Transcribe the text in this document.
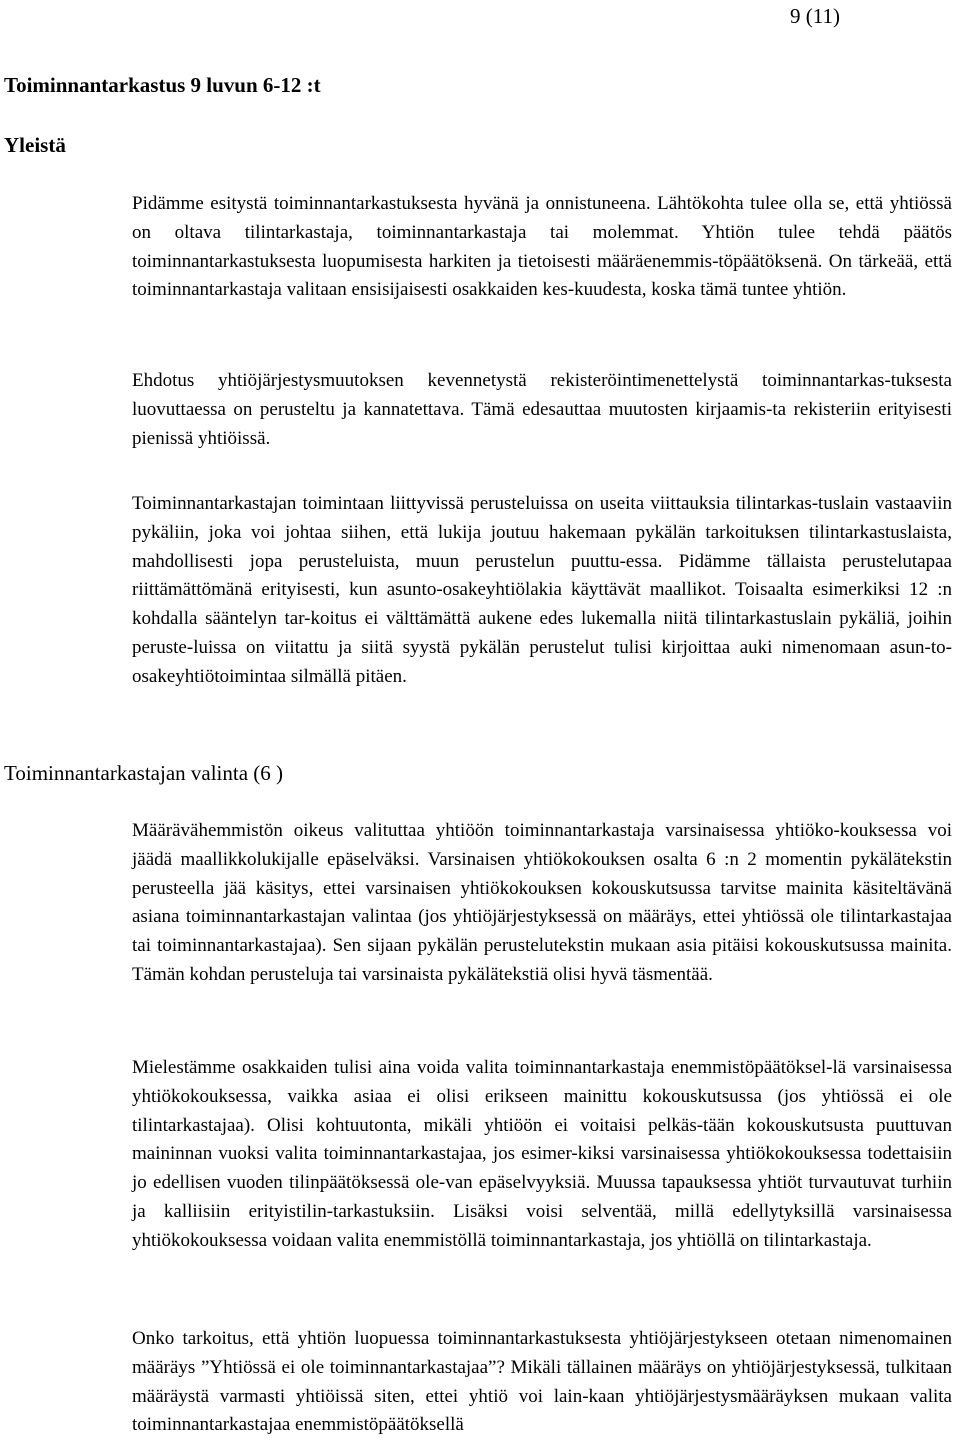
9 (11)
Toiminnantarkastus 9 luvun 6-12 :t
Yleistä

Pidämme esitystä toiminnantarkastuksesta hyvänä ja onnistuneena. Lähtökohta tulee olla se, että yhtiössä on oltava tilintarkastaja, toiminnantarkastaja tai molemmat. Yhtiön tulee tehdä päätös toiminnantarkastuksesta luopumisesta harkiten ja tietoisesti määräenemmis-töpäätöksenä. On tärkeää, että toiminnantarkastaja valitaan ensisijaisesti osakkaiden kes-kuudesta, koska tämä tuntee yhtiön.

Ehdotus yhtiöjärjestysmuutoksen kevennetystä rekisteröintimenettelystä toiminnantarkas-tuksesta luovuttaessa on perusteltu ja kannatettava. Tämä edesauttaa muutosten kirjaamis-ta rekisteriin erityisesti pienissä yhtiöissä.

Toiminnantarkastajan toimintaan liittyvissä perusteluissa on useita viittauksia tilintarkas-tuslain vastaaviin pykäliin, joka voi johtaa siihen, että lukija joutuu hakemaan pykälän tarkoituksen tilintarkastuslaista, mahdollisesti jopa perusteluista, muun perustelun puuttu-essa. Pidämme tällaista perustelutapaa riittämättömänä erityisesti, kun asunto-osakeyhtiölakia käyttävät maallikot. Toisaalta esimerkiksi 12 :n kohdalla sääntelyn tar-koitus ei välttämättä aukene edes lukemalla niitä tilintarkastuslain pykäliä, joihin peruste-luissa on viitattu ja siitä syystä pykälän perustelut tulisi kirjoittaa auki nimenomaan asun-to-osakeyhtiötoimintaa silmällä pitäen.

Toiminnantarkastajan valinta (6 )

Määrävähemmistön oikeus valituttaa yhtiöön toiminnantarkastaja varsinaisessa yhtiöko-kouksessa voi jäädä maallikkolukijalle epäselväksi. Varsinaisen yhtiökokouksen osalta 6 :n 2 momentin pykälätekstin perusteella jää käsitys, ettei varsinaisen yhtiökokouksen kokouskutsussa tarvitse mainita käsiteltävänä asiana toiminnantarkastajan valintaa (jos yhtiöjärjestyksessä on määräys, ettei yhtiössä ole tilintarkastajaa tai toiminnantarkastajaa). Sen sijaan pykälän perustelutekstin mukaan asia pitäisi kokouskutsussa mainita. Tämän kohdan perusteluja tai varsinaista pykälätekstiä olisi hyvä täsmentää.

Mielestämme osakkaiden tulisi aina voida valita toiminnantarkastaja enemmistöpäätöksel-lä varsinaisessa yhtiökokouksessa, vaikka asiaa ei olisi erikseen mainittu kokouskutsussa (jos yhtiössä ei ole tilintarkastajaa). Olisi kohtuutonta, mikäli yhtiöön ei voitaisi pelkäs-tään kokouskutsusta puuttuvan maininnan vuoksi valita toiminnantarkastajaa, jos esimer-kiksi varsinaisessa yhtiökokouksessa todettaisiin jo edellisen vuoden tilinpäätöksessä ole-van epäselvyyksiä. Muussa tapauksessa yhtiöt turvautuvat turhiin ja kalliisiin erityistilin-tarkastuksiin. Lisäksi voisi selventää, millä edellytyksillä varsinaisessa yhtiökokouksessa voidaan valita enemmistöllä toiminnantarkastaja, jos yhtiöllä on tilintarkastaja.

Onko tarkoitus, että yhtiön luopuessa toiminnantarkastuksesta yhtiöjärjestykseen otetaan nimenomainen määräys ”Yhtiössä ei ole toiminnantarkastajaa”? Mikäli tällainen määräys on yhtiöjärjestyksessä, tulkitaan määräystä varmasti yhtiöissä siten, ettei yhtiö voi lain-kaan yhtiöjärjestysmääräyksen mukaan valita toiminnantarkastajaa enemmistöpäätöksellä
